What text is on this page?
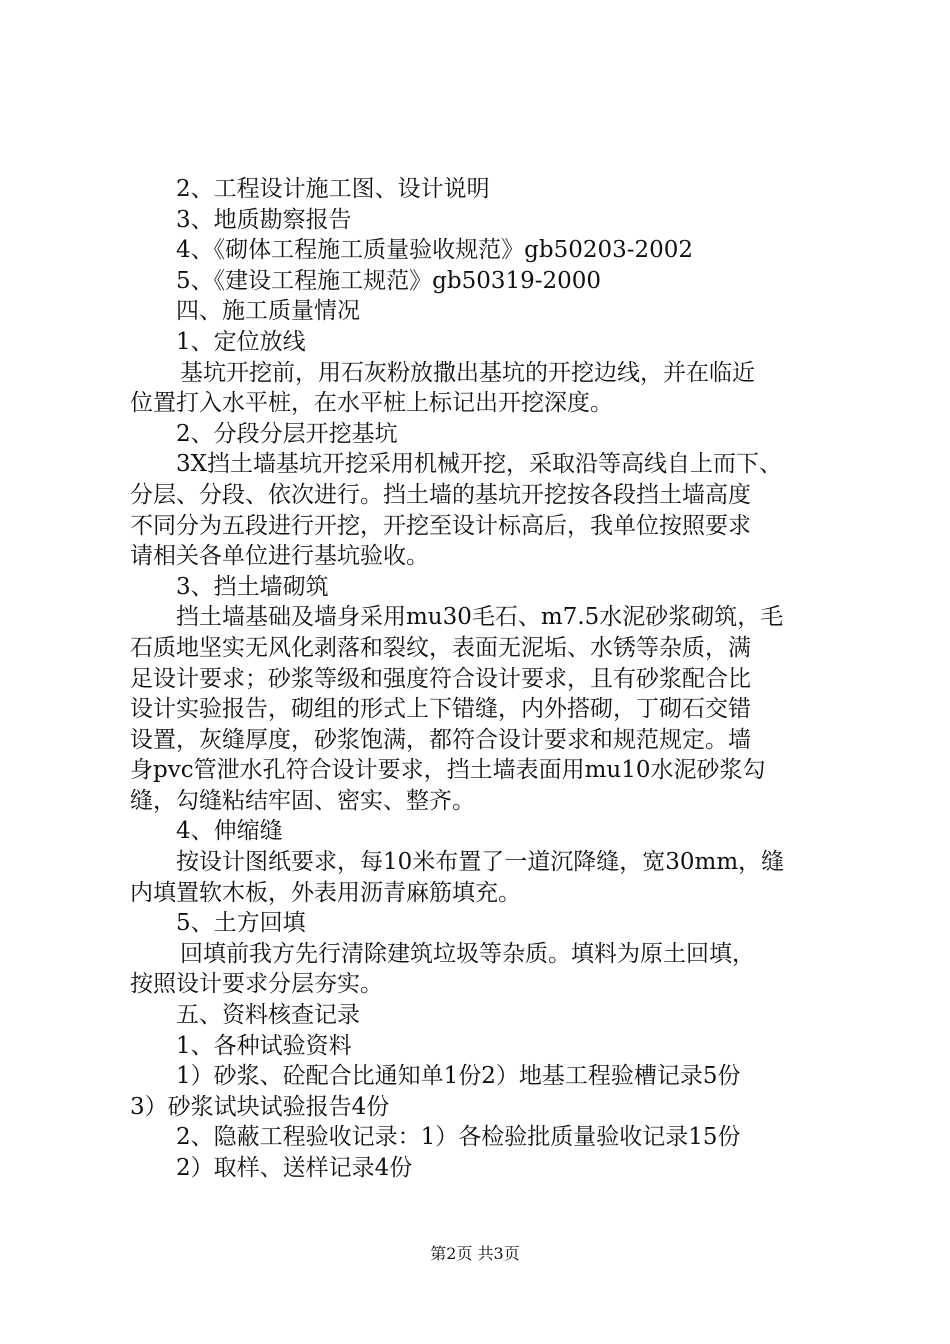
2、工程设计施工图、设计说明
3、地质勘察报告
4、《砌体工程施工质量验收规范》gb50203-2002
5、《建设工程施工规范》gb50319-2000
四、施工质量情况
1、定位放线
基坑开挖前，用石灰粉放撒出基坑的开挖边线，并在临近
位置打入水平桩，在水平桩上标记出开挖深度。
2、分段分层开挖基坑
3X挡土墙基坑开挖采用机械开挖，采取沿等高线自上而下、
分层、分段、依次进行。挡土墙的基坑开挖按各段挡土墙高度
不同分为五段进行开挖，开挖至设计标高后，我单位按照要求
请相关各单位进行基坑验收。
3、挡土墙砌筑
挡土墙基础及墙身采用mu30毛石、m7.5水泥砂浆砌筑，毛
石质地坚实无风化剥落和裂纹，表面无泥垢、水锈等杂质，满
足设计要求；砂浆等级和强度符合设计要求，且有砂浆配合比
设计实验报告，砌组的形式上下错缝，内外搭砌，丁砌石交错
设置，灰缝厚度，砂浆饱满，都符合设计要求和规范规定。墙
身pvc管泄水孔符合设计要求，挡土墙表面用mu10水泥砂浆勾
缝，勾缝粘结牢固、密实、整齐。
4、伸缩缝
按设计图纸要求，每10米布置了一道沉降缝，宽30mm，缝
内填置软木板，外表用沥青麻筋填充。
5、土方回填
回填前我方先行清除建筑垃圾等杂质。填料为原土回填，
按照设计要求分层夯实。
五、资料核查记录
1、各种试验资料
1）砂浆、砼配合比通知单1份2）地基工程验槽记录5份
3）砂浆试块试验报告4份
2、隐蔽工程验收记录：1）各检验批质量验收记录15份
2）取样、送样记录4份
第2页 共3页
